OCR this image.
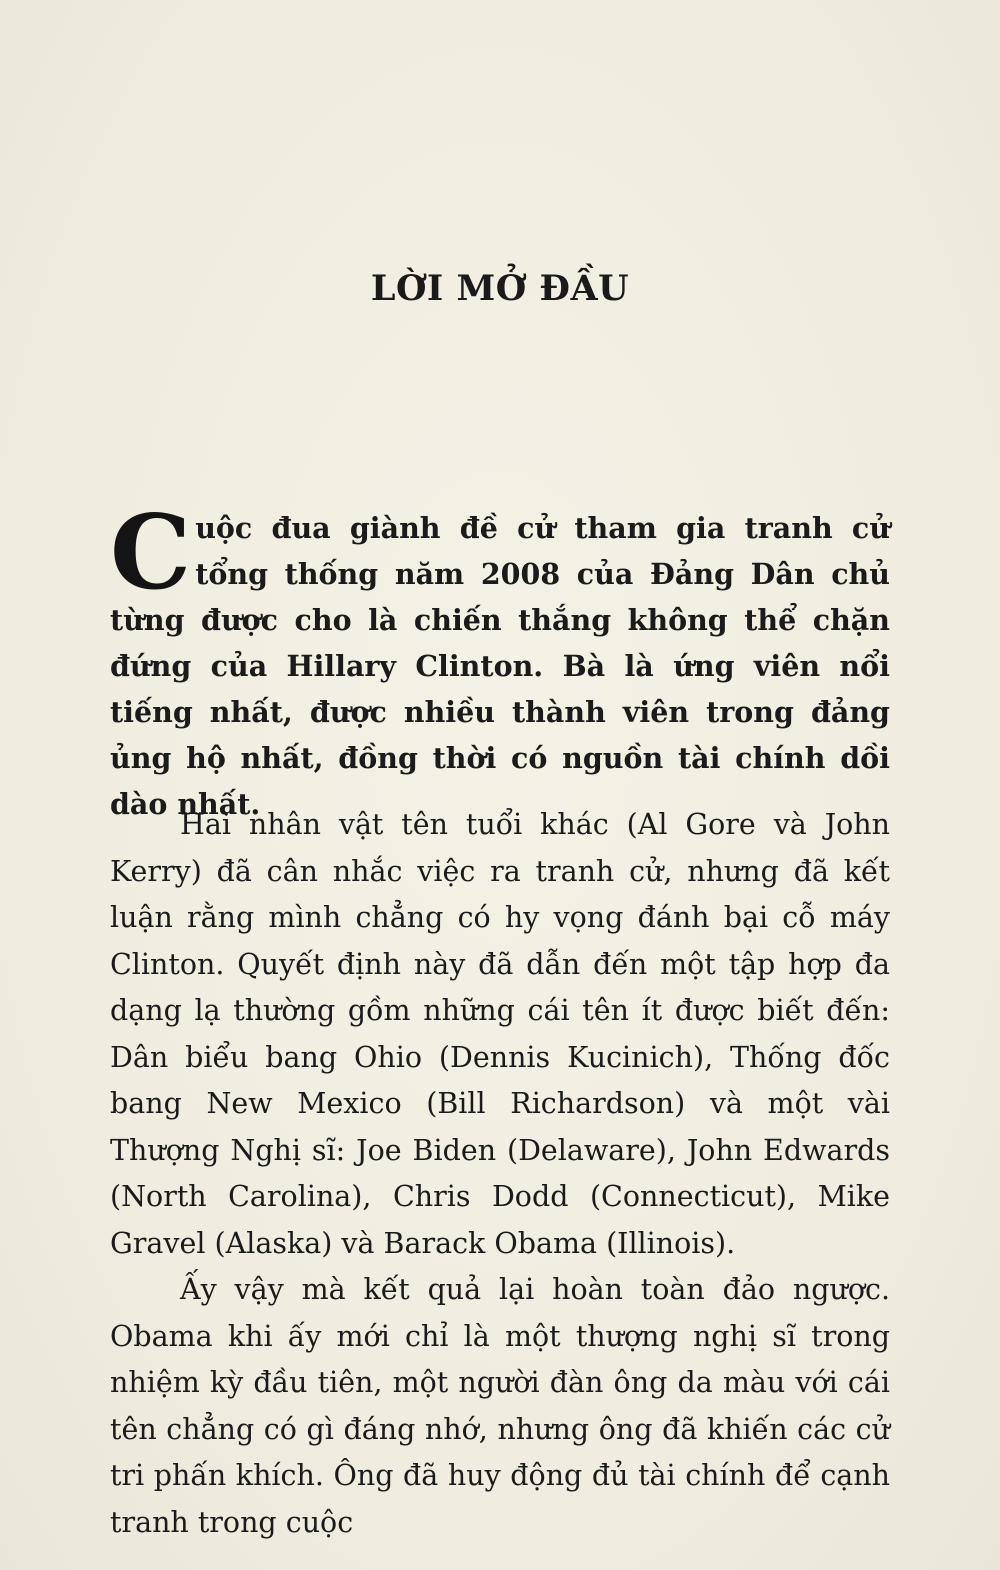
LỜI MỞ ĐẦU

Cuộc đua giành đề cử tham gia tranh cử tổng thống năm 2008 của Đảng Dân chủ từng được cho là chiến thắng không thể chặn đứng của Hillary Clinton. Bà là ứng viên nổi tiếng nhất, được nhiều thành viên trong đảng ủng hộ nhất, đồng thời có nguồn tài chính dồi dào nhất.

Hai nhân vật tên tuổi khác (Al Gore và John Kerry) đã cân nhắc việc ra tranh cử, nhưng đã kết luận rằng mình chẳng có hy vọng đánh bại cỗ máy Clinton. Quyết định này đã dẫn đến một tập hợp đa dạng lạ thường gồm những cái tên ít được biết đến: Dân biểu bang Ohio (Dennis Kucinich), Thống đốc bang New Mexico (Bill Richardson) và một vài Thượng Nghị sĩ: Joe Biden (Delaware), John Edwards (North Carolina), Chris Dodd (Connecticut), Mike Gravel (Alaska) và Barack Obama (Illinois).

Ấy vậy mà kết quả lại hoàn toàn đảo ngược. Obama khi ấy mới chỉ là một thượng nghị sĩ trong nhiệm kỳ đầu tiên, một người đàn ông da màu với cái tên chẳng có gì đáng nhớ, nhưng ông đã khiến các cử tri phấn khích. Ông đã huy động đủ tài chính để cạnh tranh trong cuộc
